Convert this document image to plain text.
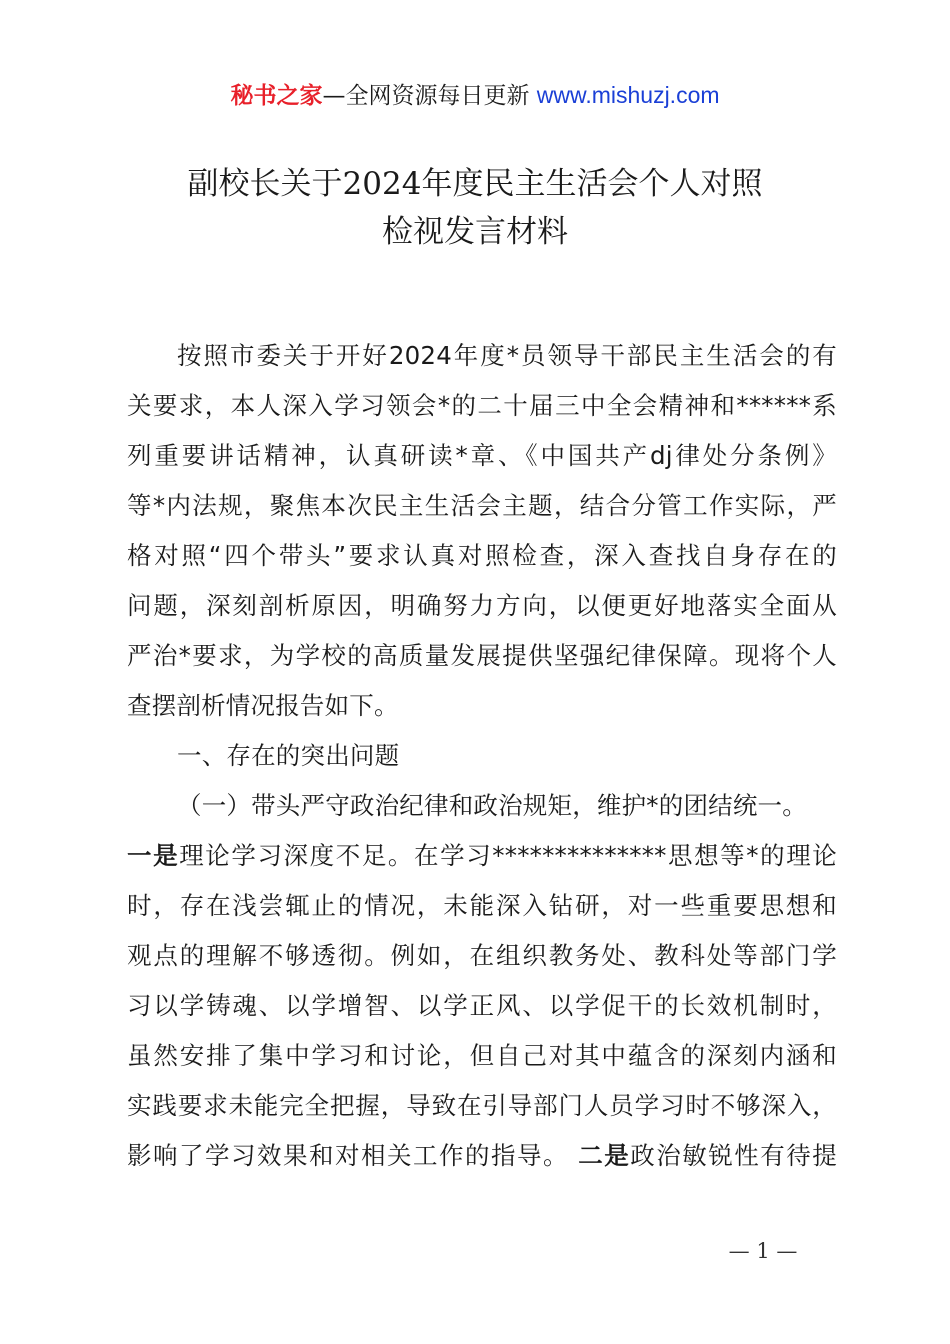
秘书之家—全网资源每日更新 www.mishuzj.com
副校长关于2024年度民主生活会个人对照
检视发言材料
按照市委关于开好2024年度*员领导干部民主生活会的有
关要求，本人深入学习领会*的二十届三中全会精神和******系
列重要讲话精神，认真研读*章、《中国共产dj律处分条例》
等*内法规，聚焦本次民主生活会主题，结合分管工作实际，严
格对照“四个带头”要求认真对照检查，深入查找自身存在的
问题，深刻剖析原因，明确努力方向，以便更好地落实全面从
严治*要求，为学校的高质量发展提供坚强纪律保障。现将个人
查摆剖析情况报告如下。
一、存在的突出问题
（一）带头严守政治纪律和政治规矩，维护*的团结统一。
一是理论学习深度不足。在学习**************思想等*的理论
时，存在浅尝辄止的情况，未能深入钻研，对一些重要思想和
观点的理解不够透彻。例如，在组织教务处、教科处等部门学
习以学铸魂、以学增智、以学正风、以学促干的长效机制时，
虽然安排了集中学习和讨论，但自己对其中蕴含的深刻内涵和
实践要求未能完全把握，导致在引导部门人员学习时不够深入，
影响了学习效果和对相关工作的指导。 二是政治敏锐性有待提
— 1 —
